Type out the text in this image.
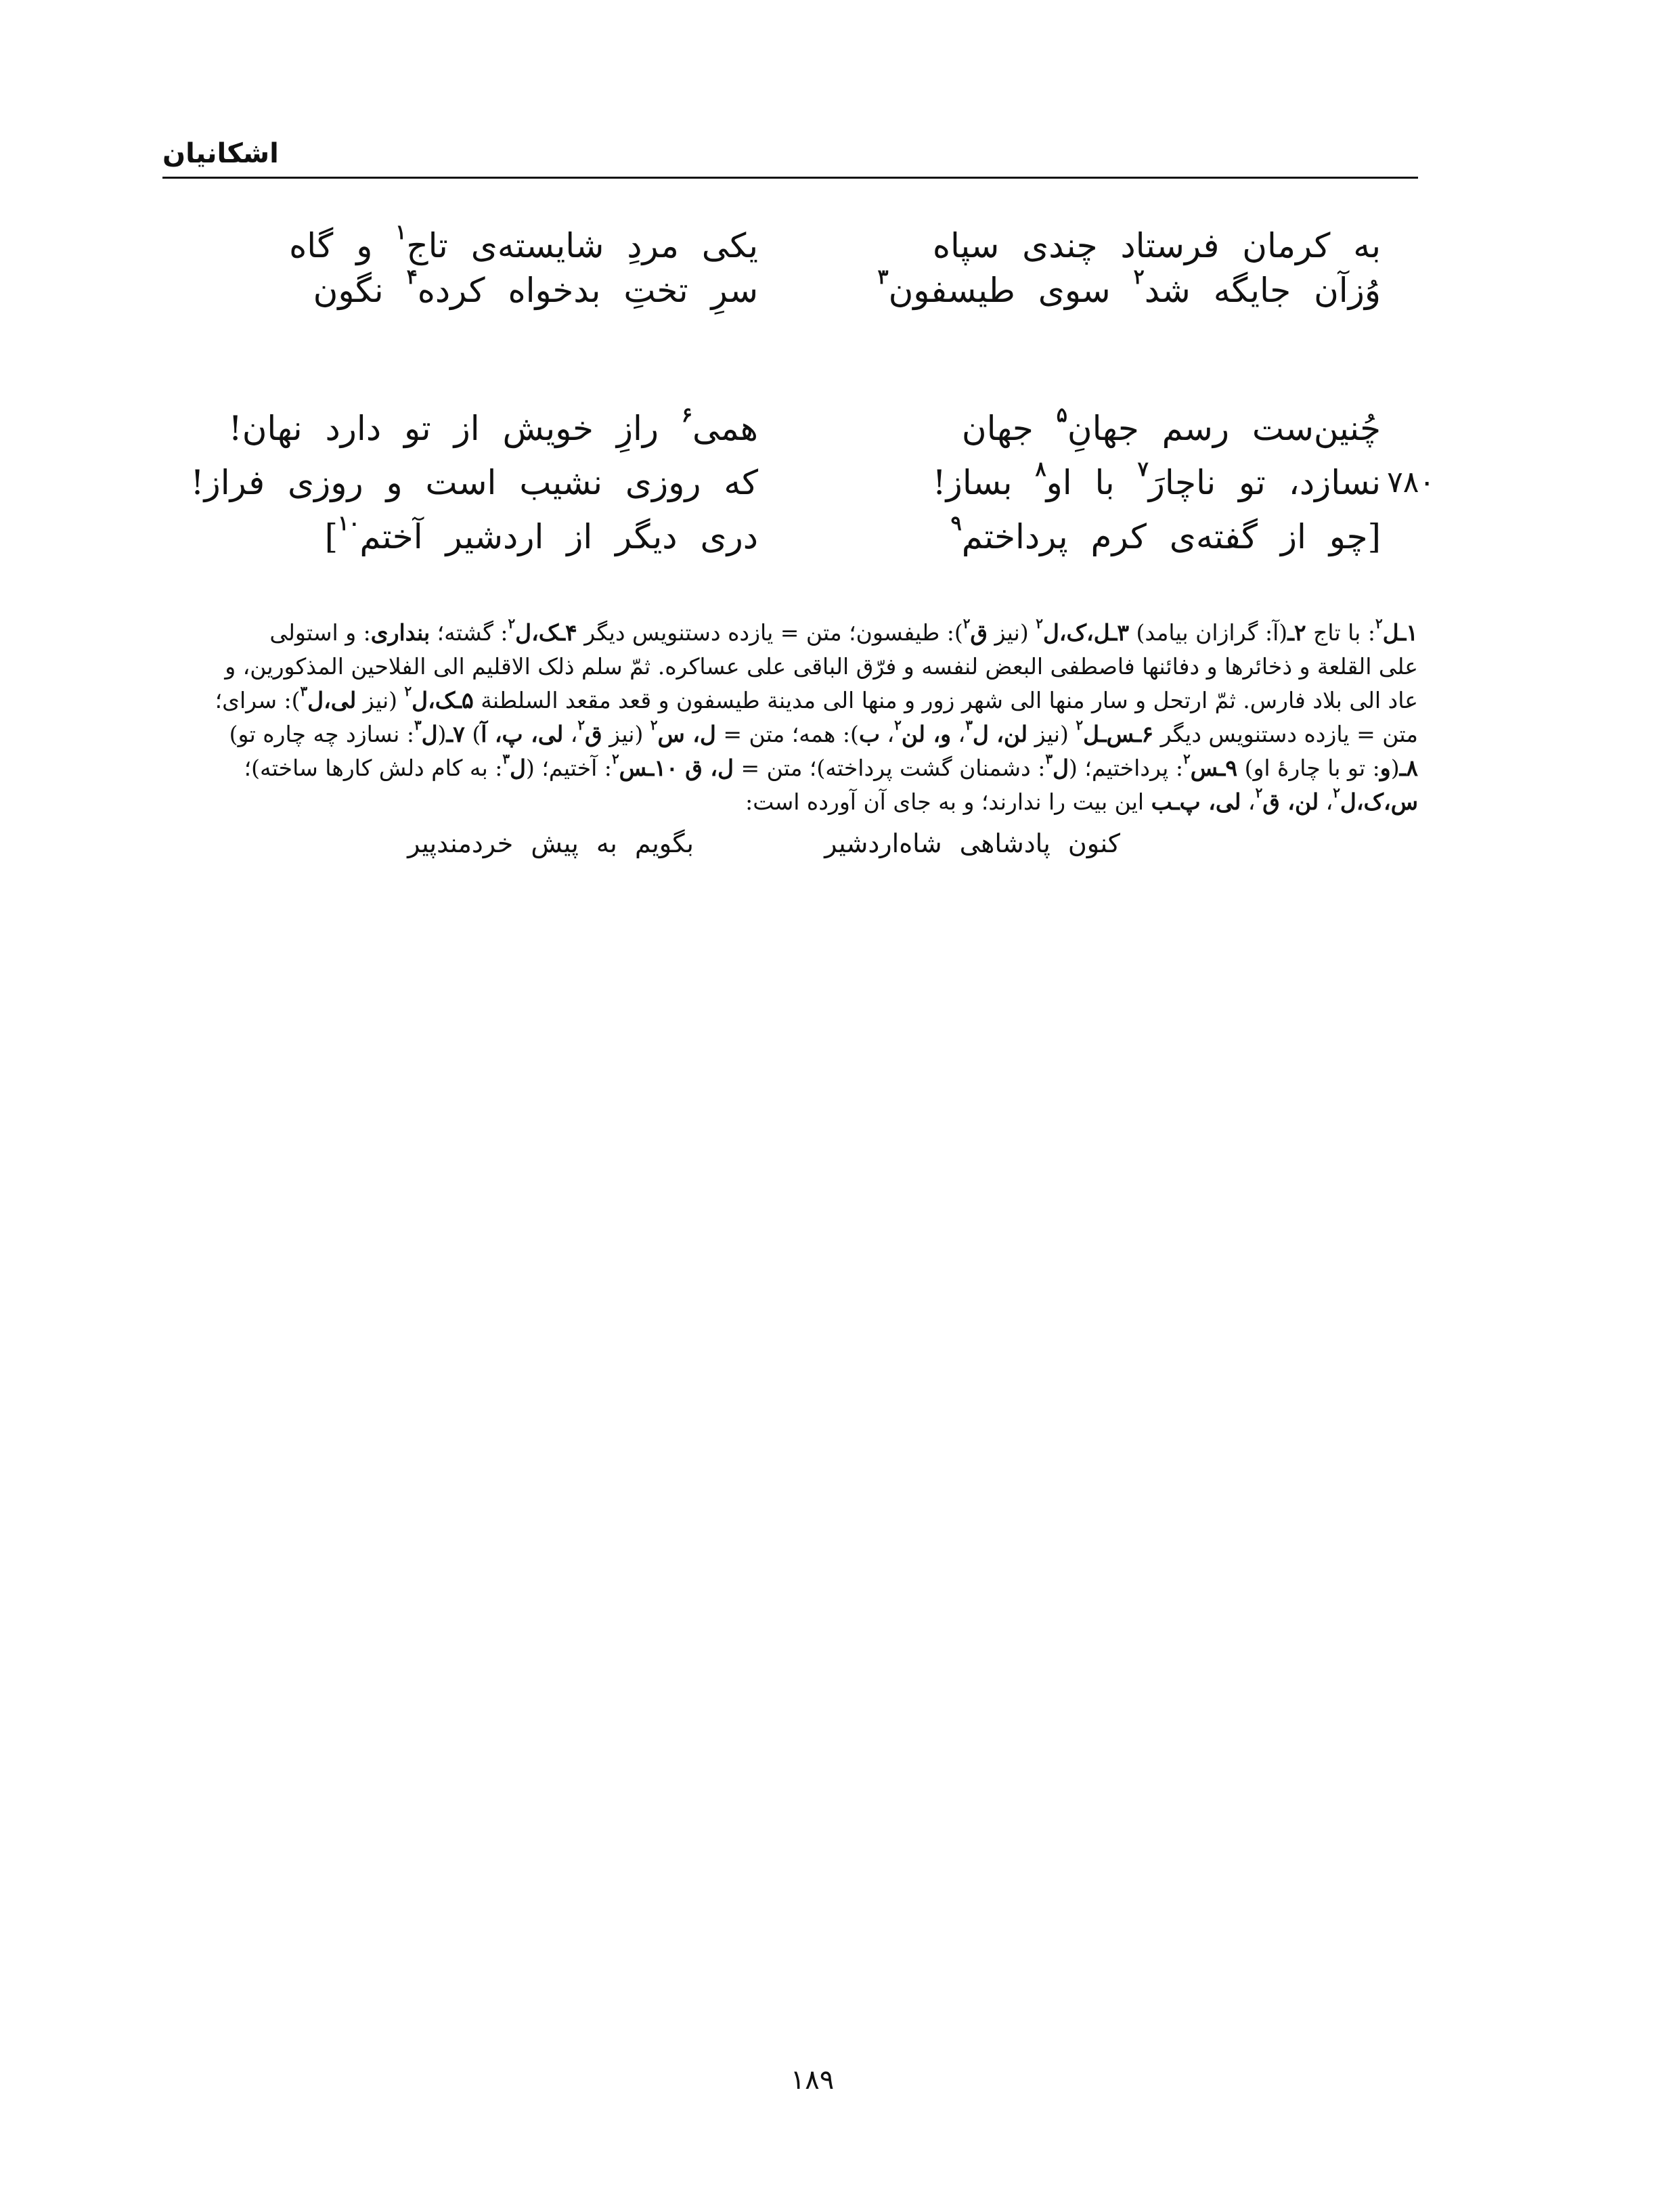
اشکانیان
به کرمان فرستاد چندی سپاه
یکی مردِ شایسته‌ی تاج$^۱$ و گاه
وُزآن جایگه شد$^۲$ سوی طیسفون$^۳$
سرِ تختِ بدخواه کرده$^۴$ نگون
چُنین‌ست رسم جهانِ$^۵$ جهان
همی$^۶$ رازِ خویش از تو دارد نهان!
۷۸۰
نسازد، تو ناچارَ$^۷$ با او$^۸$ بساز!
که روزی نشیب است و روزی فراز!
[چو از گفته‌ی کرم پرداختم$^۹$
دری دیگر از اردشیر آختم$^{۱۰}$]
۱ـل$^۲$: با تاج ۲ـ(آ: گرازان بیامد) ۳ـل،ک،ل$^۲$ (نیز ق$^۲$): طیفسون؛ متن = یازده دستنویس دیگر ۴ـک،ل$^۲$: گشته؛ بنداری: و استولی
علی القلعة و ذخائرها و دفائنها فاصطفی البعض لنفسه و فرّق الباقی علی عساکره. ثمّ سلم ذلک الاقلیم الی الفلاحین المذکورین، و
عاد الی بلاد فارس. ثمّ ارتحل و سار منها الی شهر زور و منها الی مدینة طیسفون و قعد مقعد السلطنة ۵ـک،ل$^۲$ (نیز لی،ل$^۳$): سرای؛
متن = یازده دستنویس دیگر ۶ـس‌ـل$^۲$ (نیز لن، ل$^۳$، و، لن$^۲$، ب): همه؛ متن = ل، س$^۲$ (نیز ق$^۲$، لی، پ، آ) ۷ـ(ل$^۳$: نسازد چه چاره تو)
۸ـ(و: تو با چارهٔ او) ۹ـس$^۲$: پرداختیم؛ (ل$^۳$: دشمنان گشت پرداخته)؛ متن = ل، ق ۱۰ـس$^۲$: آختیم؛ (ل$^۳$: به کام دلش کارها ساخته)؛
س،ک،ل$^۲$، لن، ق$^۲$، لی، پ‌ـب این بیت را ندارند؛ و به جای آن آورده است:
کنون پادشاهی شاه‌اردشیر
بگویم به پیش خردمندپیر
۱۸۹
